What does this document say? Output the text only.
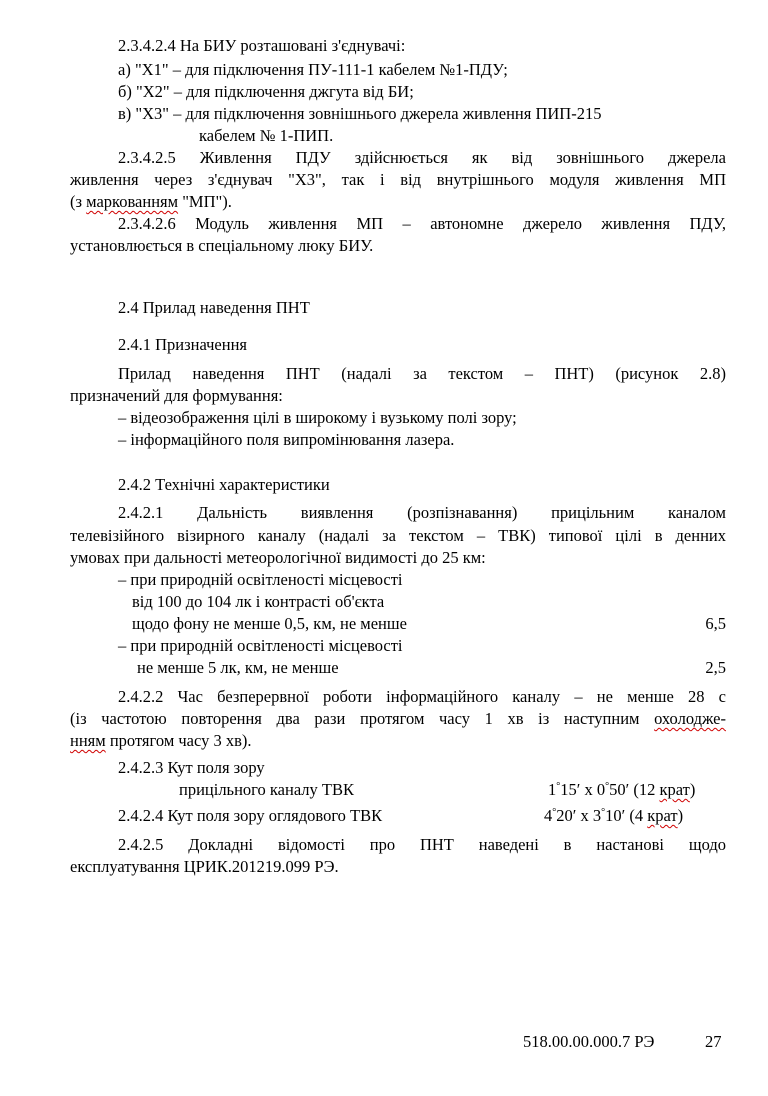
2.3.4.2.4 На БИУ розташовані з'єднувачі:
а) "X1" – для підключення ПУ-111-1 кабелем №1-ПДУ;
б) "X2" – для підключення джгута від БИ;
в) "X3" – для підключення зовнішнього джерела живлення ПИП-215
кабелем № 1-ПИП.
2.3.4.2.5 Живлення ПДУ здійснюється як від зовнішнього джерела
живлення через з'єднувач "X3", так і від внутрішнього модуля живлення МП
(з маркованням "МП").
2.3.4.2.6 Модуль живлення МП – автономне джерело живлення ПДУ,
установлюється в спеціальному люку БИУ.
2.4 Прилад наведення ПНТ
2.4.1 Призначення
Прилад наведення ПНТ (надалі за текстом – ПНТ) (рисунок 2.8)
призначений для формування:
– відеозображення цілі в широкому і вузькому полі зору;
– інформаційного поля випромінювання лазера.
2.4.2 Технічні характеристики
2.4.2.1 Дальність виявлення (розпізнавання) прицільним каналом
телевізійного візирного каналу (надалі за текстом – ТВК) типової цілі в денних
умовах при дальності метеорологічної видимості до 25 км:
– при природній освітленості місцевості
від 100 до 104 лк і контрасті об'єкта
щодо фону не менше 0,5, км, не менше	6,5
– при природній освітленості місцевості
не менше 5 лк, км, не менше	2,5
2.4.2.2 Час безперервної роботи інформаційного каналу – не менше 28 с
(із частотою повторення два рази протягом часу 1 хв із наступним охолодже-
нням протягом часу 3 хв).
2.4.2.3 Кут поля зору
прицільного каналу ТВК	1°15′ x 0°50′ (12 крат)
2.4.2.4 Кут поля зору оглядового ТВК	4°20′ x 3°10′ (4 крат)
2.4.2.5 Докладні відомості про ПНТ наведені в настанові щодо
експлуатування ЦРИК.201219.099 РЭ.
518.00.00.000.7 РЭ	27
